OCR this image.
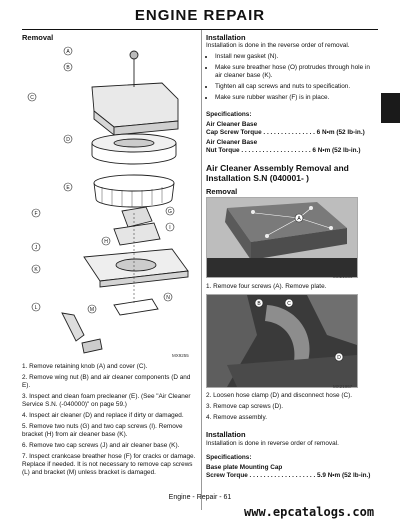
ENGINE REPAIR
Removal
A
B
C
D
E
F	G
H
I
J
K
L	M
N
MX9255
1. Remove retaining knob (A) and cover (C).
2. Remove wing nut (B) and air cleaner components (D and E).
3. Inspect and clean foam precleaner (E). (See "Air Cleaner Service S.N. (-040000)" on page 59.)
4. Inspect air cleaner (D) and replace if dirty or damaged.
5. Remove two nuts (G) and two cap screws (I). Remove bracket (H) from air cleaner base (K).
6. Remove two cap screws (J) and air cleaner base (K).
7. Inspect crankcase breather hose (F) for cracks or damage. Replace if needed. It is not necessary to remove cap screws (L) and bracket (M) unless bracket is damaged.
Installation
Installation is done in the reverse order of removal.
• Install new gasket (N).
• Make sure breather hose (O) protrudes through hole in air cleaner base (K).
• Tighten all cap screws and nuts to specification.
• Make sure rubber washer (F) is in place.
Specifications:
Air Cleaner Base
Cap Screw Torque . . . . . . . . . . . . . . . 6 N•m (52 lb-in.)
Air Cleaner Base
Nut Torque . . . . . . . . . . . . . . . . . . . . 6 N•m (52 lb-in.)
Air Cleaner Assembly Removal and Installation S.N (040001- )
Removal
A
MX21964
1. Remove four screws (A). Remove plate.
B	C
D
MX21967
2. Loosen hose clamp (D) and disconnect hose (C).
3. Remove cap screws (D).
4. Remove assembly.
Installation
Installation is done in reverse order of removal.
Specifications:
Base plate Mounting Cap
Screw Torque . . . . . . . . . . . . . . . . . . . 5.9 N•m (52 lb-in.)
Engine - Repair - 61
www.epcatalogs.com
